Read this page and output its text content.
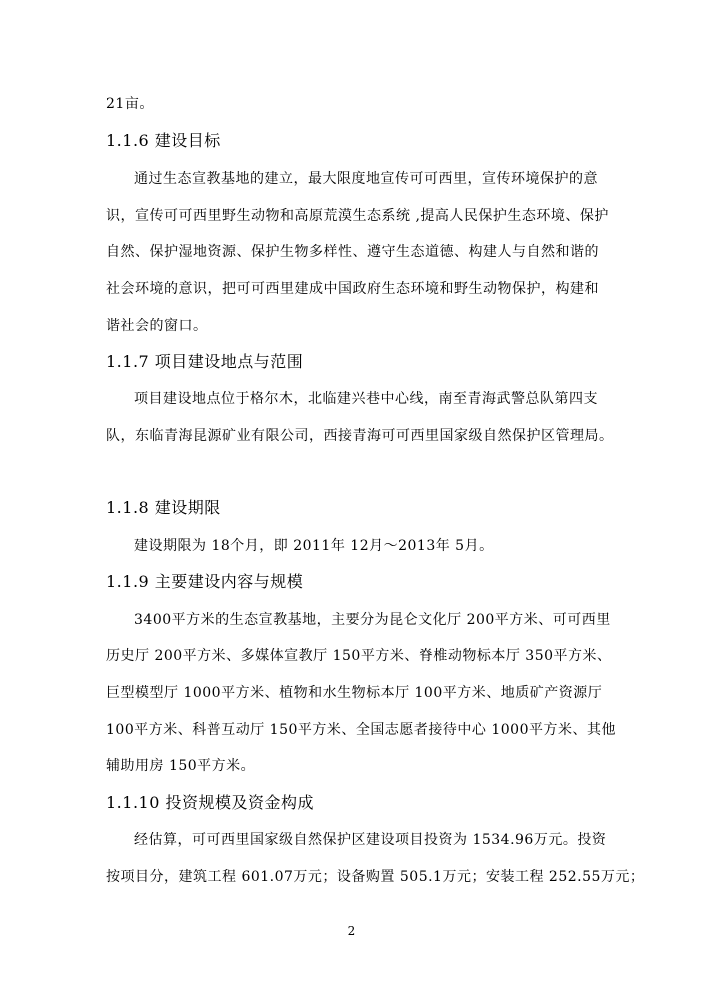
21亩。
1.1.6 建设目标
通过生态宣教基地的建立，最大限度地宣传可可西里，宣传环境保护的意
识，宣传可可西里野生动物和高原荒漠生态系统 ,提高人民保护生态环境、保护
自然、保护湿地资源、保护生物多样性、遵守生态道德、构建人与自然和谐的
社会环境的意识，把可可西里建成中国政府生态环境和野生动物保护，构建和
谐社会的窗口。
1.1.7 项目建设地点与范围
项目建设地点位于格尔木，北临建兴巷中心线，南至青海武警总队第四支
队，东临青海昆源矿业有限公司，西接青海可可西里国家级自然保护区管理局。
1.1.8 建设期限
建设期限为 18个月，即 2011年 12月～2013年 5月。
1.1.9 主要建设内容与规模
3400平方米的生态宣教基地，主要分为昆仑文化厅 200平方米、可可西里
历史厅 200平方米、多媒体宣教厅 150平方米、脊椎动物标本厅 350平方米、
巨型模型厅 1000平方米、植物和水生物标本厅 100平方米、地质矿产资源厅
100平方米、科普互动厅 150平方米、全国志愿者接待中心 1000平方米、其他
辅助用房 150平方米。
1.1.10 投资规模及资金构成
经估算，可可西里国家级自然保护区建设项目投资为 1534.96万元。投资
按项目分，建筑工程 601.07万元；设备购置 505.1万元；安装工程 252.55万元；
2
